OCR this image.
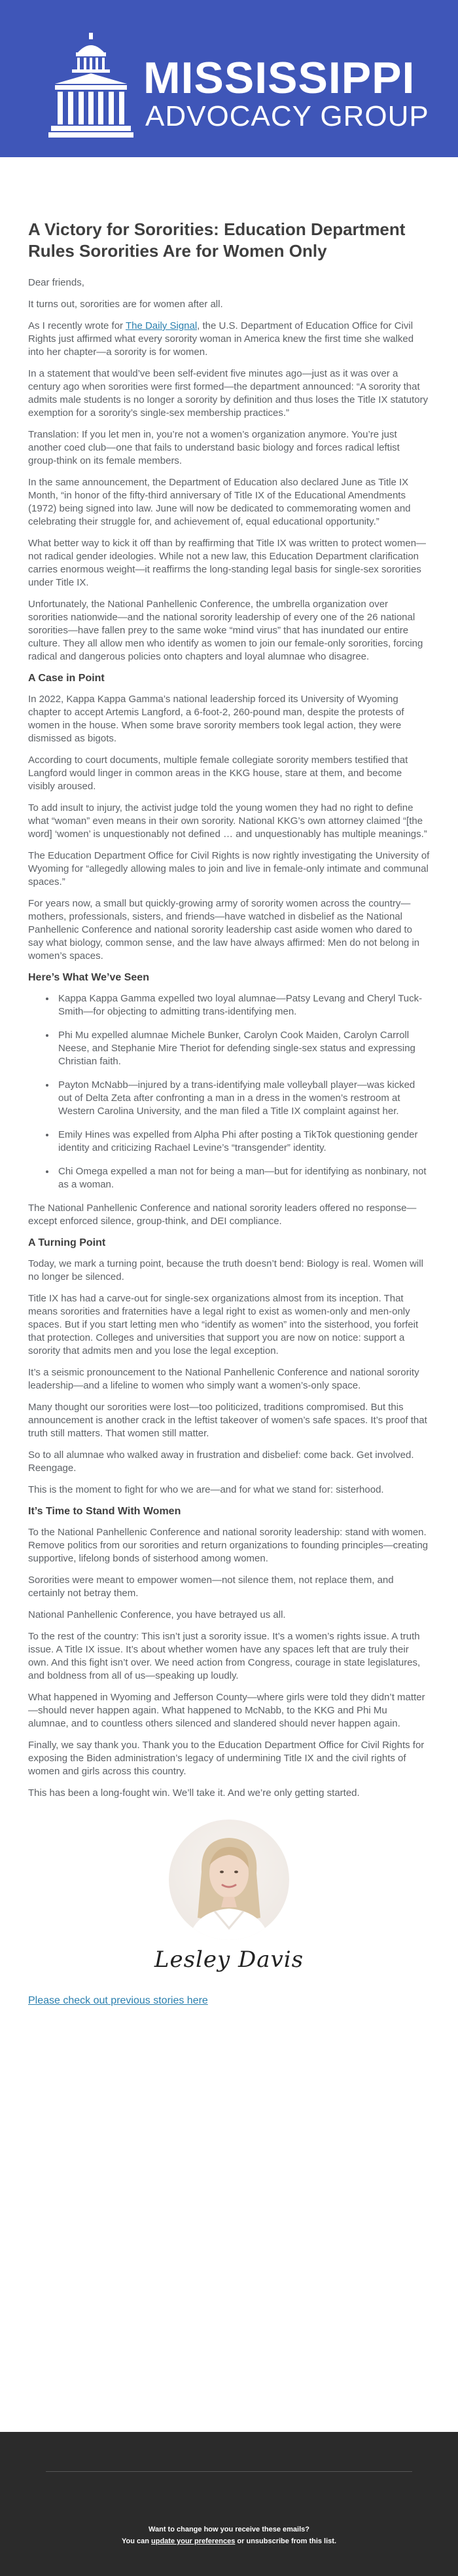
MISSISSIPPI
ADVOCACY GROUP
A Victory for Sororities: Education Department Rules Sororities Are for Women Only

Dear friends,

It turns out, sororities are for women after all.

As I recently wrote for The Daily Signal, the U.S. Department of Education Office for Civil Rights just affirmed what every sorority woman in America knew the first time she walked into her chapter—a sorority is for women.

In a statement that would’ve been self-evident five minutes ago—just as it was over a century ago when sororities were first formed—the department announced: “A sorority that admits male students is no longer a sorority by definition and thus loses the Title IX statutory exemption for a sorority’s single-sex membership practices.”

Translation: If you let men in, you’re not a women’s organization anymore. You’re just another coed club—one that fails to understand basic biology and forces radical leftist group-think on its female members.

In the same announcement, the Department of Education also declared June as Title IX Month, “in honor of the fifty-third anniversary of Title IX of the Educational Amendments (1972) being signed into law. June will now be dedicated to commemorating women and celebrating their struggle for, and achievement of, equal educational opportunity.”

What better way to kick it off than by reaffirming that Title IX was written to protect women—not radical gender ideologies. While not a new law, this Education Department clarification carries enormous weight—it reaffirms the long-standing legal basis for single-sex sororities under Title IX.

Unfortunately, the National Panhellenic Conference, the umbrella organization over sororities nationwide—and the national sorority leadership of every one of the 26 national sororities—have fallen prey to the same woke “mind virus” that has inundated our entire culture. They all allow men who identify as women to join our female-only sororities, forcing radical and dangerous policies onto chapters and loyal alumnae who disagree.

A Case in Point

In 2022, Kappa Kappa Gamma’s national leadership forced its University of Wyoming chapter to accept Artemis Langford, a 6-foot-2, 260-pound man, despite the protests of women in the house. When some brave sorority members took legal action, they were dismissed as bigots.

According to court documents, multiple female collegiate sorority members testified that Langford would linger in common areas in the KKG house, stare at them, and become visibly aroused.

To add insult to injury, the activist judge told the young women they had no right to define what “woman” even means in their own sorority. National KKG’s own attorney claimed “[the word] ‘women’ is unquestionably not defined … and unquestionably has multiple meanings.”

The Education Department Office for Civil Rights is now rightly investigating the University of Wyoming for “allegedly allowing males to join and live in female-only intimate and communal spaces.”

For years now, a small but quickly-growing army of sorority women across the country—mothers, professionals, sisters, and friends—have watched in disbelief as the National Panhellenic Conference and national sorority leadership cast aside women who dared to say what biology, common sense, and the law have always affirmed: Men do not belong in women’s spaces.

Here’s What We’ve Seen
• Kappa Kappa Gamma expelled two loyal alumnae—Patsy Levang and Cheryl Tuck-Smith—for objecting to admitting trans-identifying men.
• Phi Mu expelled alumnae Michele Bunker, Carolyn Cook Maiden, Carolyn Carroll Neese, and Stephanie Mire Theriot for defending single-sex status and expressing Christian faith.
• Payton McNabb—injured by a trans-identifying male volleyball player—was kicked out of Delta Zeta after confronting a man in a dress in the women’s restroom at Western Carolina University, and the man filed a Title IX complaint against her.
• Emily Hines was expelled from Alpha Phi after posting a TikTok questioning gender identity and criticizing Rachael Levine’s “transgender” identity.
• Chi Omega expelled a man not for being a man—but for identifying as nonbinary, not as a woman.

The National Panhellenic Conference and national sorority leaders offered no response—except enforced silence, group-think, and DEI compliance.

A Turning Point

Today, we mark a turning point, because the truth doesn’t bend: Biology is real. Women will no longer be silenced.

Title IX has had a carve-out for single-sex organizations almost from its inception. That means sororities and fraternities have a legal right to exist as women-only and men-only spaces. But if you start letting men who “identify as women” into the sisterhood, you forfeit that protection. Colleges and universities that support you are now on notice: support a sorority that admits men and you lose the legal exception.

It’s a seismic pronouncement to the National Panhellenic Conference and national sorority leadership—and a lifeline to women who simply want a women’s-only space.

Many thought our sororities were lost—too politicized, traditions compromised. But this announcement is another crack in the leftist takeover of women’s safe spaces. It’s proof that truth still matters. That women still matter.

So to all alumnae who walked away in frustration and disbelief: come back. Get involved. Reengage.

This is the moment to fight for who we are—and for what we stand for: sisterhood.

It’s Time to Stand With Women

To the National Panhellenic Conference and national sorority leadership: stand with women. Remove politics from our sororities and return organizations to founding principles—creating supportive, lifelong bonds of sisterhood among women.

Sororities were meant to empower women—not silence them, not replace them, and certainly not betray them.

National Panhellenic Conference, you have betrayed us all.

To the rest of the country: This isn’t just a sorority issue. It’s a women’s rights issue. A truth issue. A Title IX issue. It’s about whether women have any spaces left that are truly their own. And this fight isn’t over. We need action from Congress, courage in state legislatures, and boldness from all of us—speaking up loudly.

What happened in Wyoming and Jefferson County—where girls were told they didn’t matter—should never happen again. What happened to McNabb, to the KKG and Phi Mu alumnae, and to countless others silenced and slandered should never happen again.

Finally, we say thank you. Thank you to the Education Department Office for Civil Rights for exposing the Biden administration’s legacy of undermining Title IX and the civil rights of women and girls across this country.

This has been a long-fought win. We’ll take it. And we’re only getting started.

Lesley Davis
Please check out previous stories here
Want to change how you receive these emails?
You can update your preferences or unsubscribe from this list.
